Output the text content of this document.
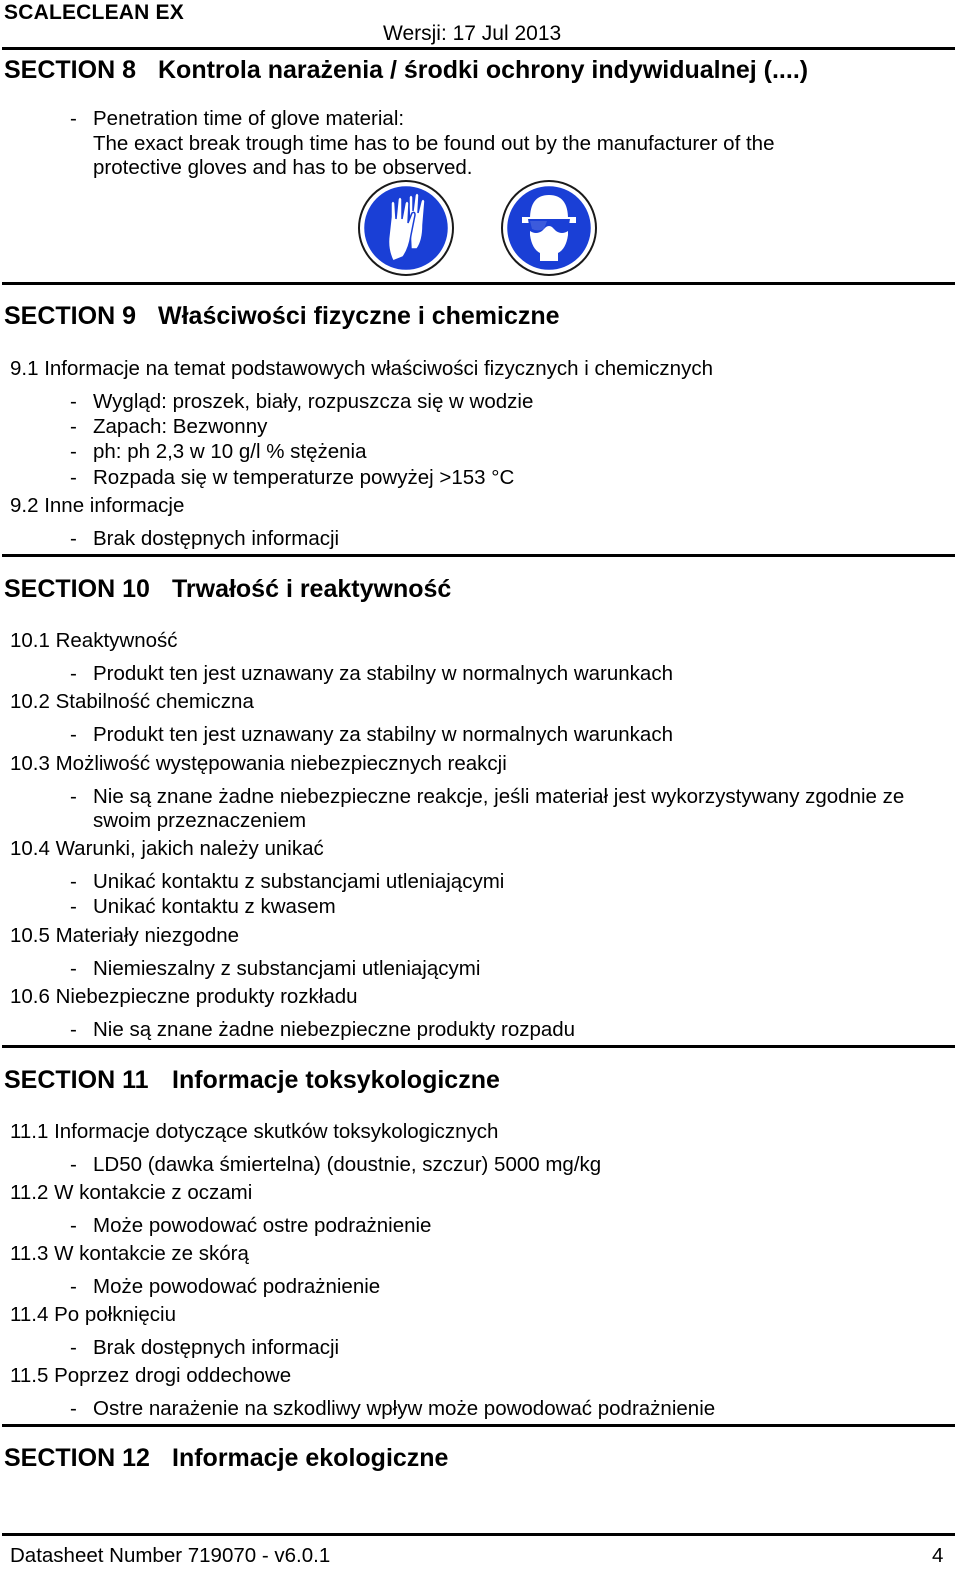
SCALECLEAN EX
Wersji: 17 Jul 2013
SECTION 8 Kontrola narażenia / środki ochrony indywidualnej (....)
- Penetration time of glove material:
The exact break trough time has to be found out by the manufacturer of the
protective gloves and has to be observed.
SECTION 9 Właściwości fizyczne i chemiczne
9.1 Informacje na temat podstawowych właściwości fizycznych i chemicznych
- Wygląd: proszek, biały, rozpuszcza się w wodzie
- Zapach: Bezwonny
- ph: ph 2,3 w 10 g/l % stężenia
- Rozpada się w temperaturze powyżej >153 °C
9.2 Inne informacje
- Brak dostępnych informacji
SECTION 10 Trwałość i reaktywność
10.1 Reaktywność
- Produkt ten jest uznawany za stabilny w normalnych warunkach
10.2 Stabilność chemiczna
- Produkt ten jest uznawany za stabilny w normalnych warunkach
10.3 Możliwość występowania niebezpiecznych reakcji
- Nie są znane żadne niebezpieczne reakcje, jeśli materiał jest wykorzystywany zgodnie ze
swoim przeznaczeniem
10.4 Warunki, jakich należy unikać
- Unikać kontaktu z substancjami utleniającymi
- Unikać kontaktu z kwasem
10.5 Materiały niezgodne
- Niemieszalny z substancjami utleniającymi
10.6 Niebezpieczne produkty rozkładu
- Nie są znane żadne niebezpieczne produkty rozpadu
SECTION 11 Informacje toksykologiczne
11.1 Informacje dotyczące skutków toksykologicznych
- LD50 (dawka śmiertelna) (doustnie, szczur) 5000 mg/kg
11.2 W kontakcie z oczami
- Może powodować ostre podrażnienie
11.3 W kontakcie ze skórą
- Może powodować podrażnienie
11.4 Po połknięciu
- Brak dostępnych informacji
11.5 Poprzez drogi oddechowe
- Ostre narażenie na szkodliwy wpływ może powodować podrażnienie
SECTION 12 Informacje ekologiczne
Datasheet Number 719070 - v6.0.1	4
